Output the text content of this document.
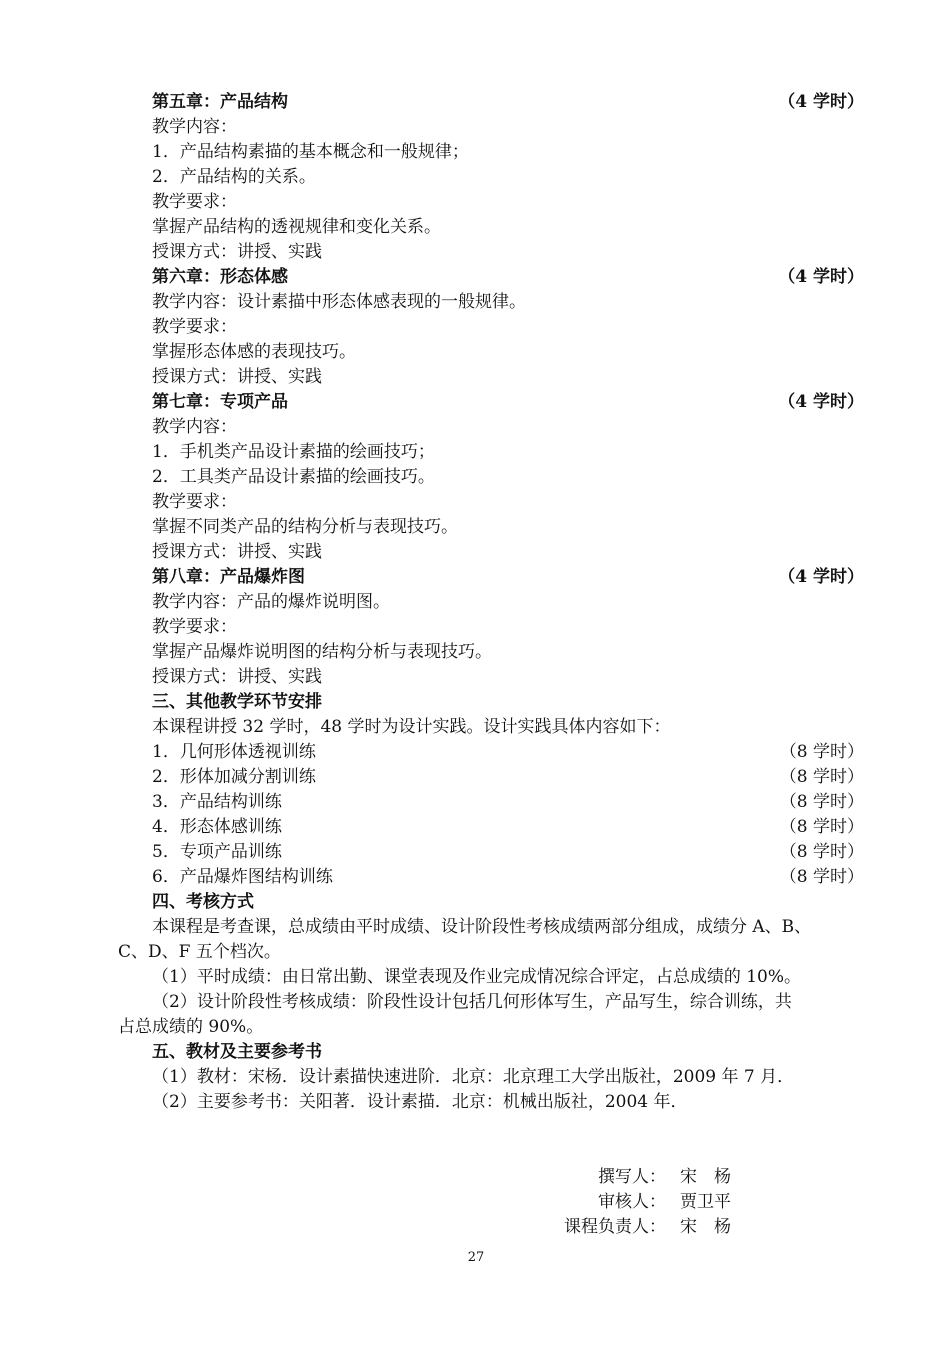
第五章：产品结构	（4 学时）
教学内容：
1．产品结构素描的基本概念和一般规律；
2．产品结构的关系。
教学要求：
掌握产品结构的透视规律和变化关系。
授课方式：讲授、实践
第六章：形态体感	（4 学时）
教学内容：设计素描中形态体感表现的一般规律。
教学要求：
掌握形态体感的表现技巧。
授课方式：讲授、实践
第七章：专项产品	（4 学时）
教学内容：
1．手机类产品设计素描的绘画技巧；
2．工具类产品设计素描的绘画技巧。
教学要求：
掌握不同类产品的结构分析与表现技巧。
授课方式：讲授、实践
第八章：产品爆炸图	（4 学时）
教学内容：产品的爆炸说明图。
教学要求：
掌握产品爆炸说明图的结构分析与表现技巧。
授课方式：讲授、实践
三、其他教学环节安排
本课程讲授 32 学时，48 学时为设计实践。设计实践具体内容如下：
1．几何形体透视训练	（8 学时）
2．形体加减分割训练	（8 学时）
3．产品结构训练	（8 学时）
4．形态体感训练	（8 学时）
5．专项产品训练	（8 学时）
6．产品爆炸图结构训练	（8 学时）
四、考核方式
本课程是考查课，总成绩由平时成绩、设计阶段性考核成绩两部分组成，成绩分 A、B、
C、D、F 五个档次。
（1）平时成绩：由日常出勤、课堂表现及作业完成情况综合评定，占总成绩的 10%。
（2）设计阶段性考核成绩：阶段性设计包括几何形体写生，产品写生，综合训练，共
占总成绩的 90%。
五、教材及主要参考书
（1）教材：宋杨．设计素描快速进阶．北京：北京理工大学出版社，2009 年 7 月．
（2）主要参考书：关阳著．设计素描．北京：机械出版社，2004 年．
撰写人： 宋　杨
审核人： 贾卫平
课程负责人： 宋　杨
27
